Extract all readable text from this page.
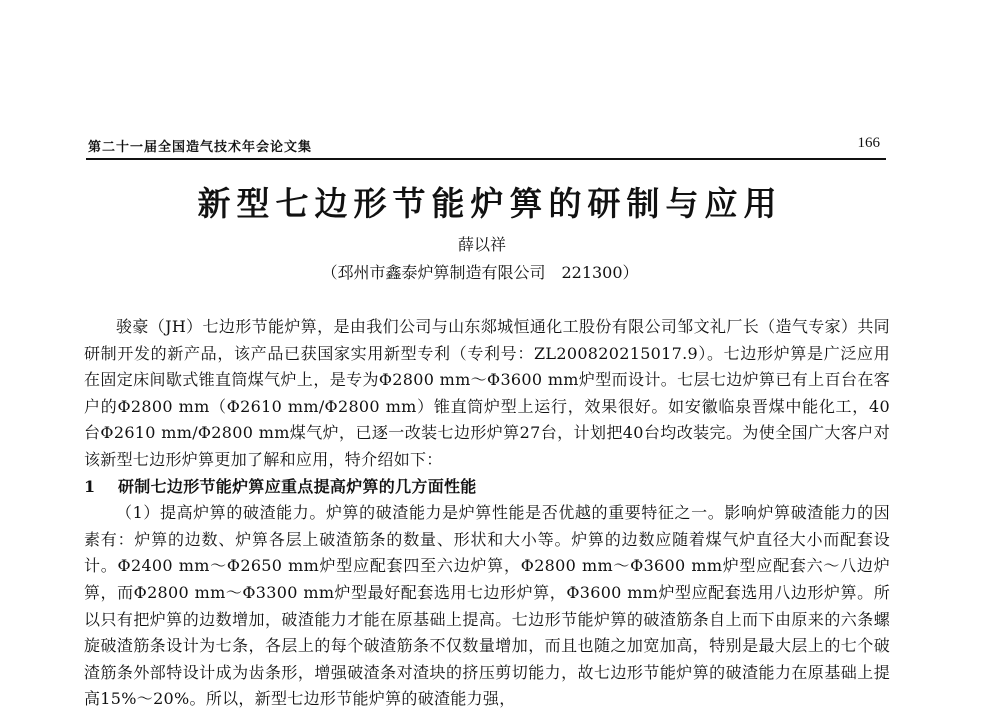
第二十一届全国造气技术年会论文集	166
新型七边形节能炉箅的研制与应用
薛以祥
（邳州市鑫泰炉箅制造有限公司　221300）

骏豪（JH）七边形节能炉箅，是由我们公司与山东郯城恒通化工股份有限公司邹文礼厂长（造气专家）共同研制开发的新产品，该产品已获国家实用新型专利（专利号：ZL200820215017.9）。七边形炉箅是广泛应用在固定床间歇式锥直筒煤气炉上，是专为Φ2800 mm～Φ3600 mm炉型而设计。七层七边炉箅已有上百台在客户的Φ2800 mm（Φ2610 mm/Φ2800 mm）锥直筒炉型上运行，效果很好。如安徽临泉晋煤中能化工，40台Φ2610 mm/Φ2800 mm煤气炉，已逐一改装七边形炉箅27台，计划把40台均改装完。为使全国广大客户对该新型七边形炉箅更加了解和应用，特介绍如下：

1 研制七边形节能炉箅应重点提高炉箅的几方面性能

（1）提高炉箅的破渣能力。炉箅的破渣能力是炉箅性能是否优越的重要特征之一。影响炉箅破渣能力的因素有：炉箅的边数、炉箅各层上破渣筋条的数量、形状和大小等。炉箅的边数应随着煤气炉直径大小而配套设计。Φ2400 mm～Φ2650 mm炉型应配套四至六边炉箅，Φ2800 mm～Φ3600 mm炉型应配套六～八边炉箅，而Φ2800 mm～Φ3300 mm炉型最好配套选用七边形炉箅，Φ3600 mm炉型应配套选用八边形炉箅。所以只有把炉箅的边数增加，破渣能力才能在原基础上提高。七边形节能炉箅的破渣筋条自上而下由原来的六条螺旋破渣筋条设计为七条，各层上的每个破渣筋条不仅数量增加，而且也随之加宽加高，特别是最大层上的七个破渣筋条外部特设计成为齿条形，增强破渣条对渣块的挤压剪切能力，故七边形节能炉箅的破渣能力在原基础上提高15%～20%。所以，新型七边形节能炉箅的破渣能力强，
